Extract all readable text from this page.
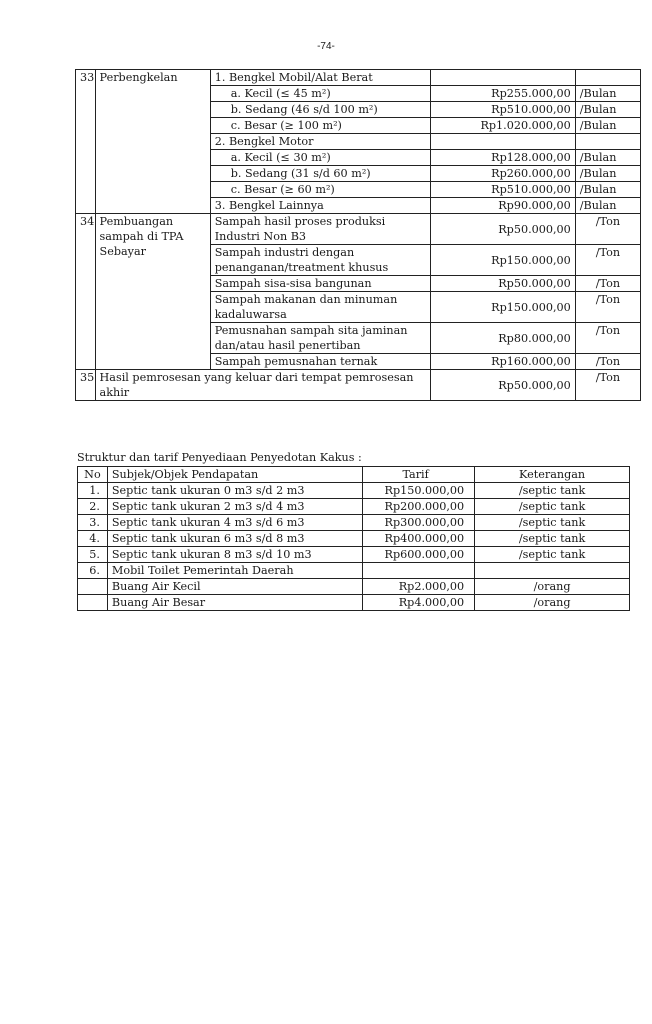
-74-
33	Perbengkelan	1. Bengkel Mobil/Alat Berat		
		a. Kecil (≤ 45 m²)	Rp255.000,00	/Bulan
		b. Sedang (46 s/d 100 m²)	Rp510.000,00	/Bulan
		c. Besar (≥ 100 m²)	Rp1.020.000,00	/Bulan
		2. Bengkel Motor		
		a. Kecil (≤ 30 m²)	Rp128.000,00	/Bulan
		b. Sedang (31 s/d 60 m²)	Rp260.000,00	/Bulan
		c. Besar (≥ 60 m²)	Rp510.000,00	/Bulan
		3. Bengkel Lainnya	Rp90.000,00	/Bulan
34	Pembuangan sampah di TPA Sebayar	Sampah hasil proses produksi Industri Non B3	Rp50.000,00	/Ton
		Sampah industri dengan penanganan/treatment khusus	Rp150.000,00	/Ton
		Sampah sisa-sisa bangunan	Rp50.000,00	/Ton
		Sampah makanan dan minuman kadaluwarsa	Rp150.000,00	/Ton
		Pemusnahan sampah sita jaminan dan/atau hasil penertiban	Rp80.000,00	/Ton
		Sampah pemusnahan ternak	Rp160.000,00	/Ton
35	Hasil pemrosesan yang keluar dari tempat pemrosesan akhir		Rp50.000,00	/Ton
Struktur dan tarif Penyediaan Penyedotan Kakus :
No	Subjek/Objek Pendapatan	Tarif	Keterangan
1.	Septic tank ukuran 0 m3 s/d 2 m3	Rp150.000,00	/septic tank
2.	Septic tank ukuran 2 m3 s/d 4 m3	Rp200.000,00	/septic tank
3.	Septic tank ukuran 4 m3 s/d 6 m3	Rp300.000,00	/septic tank
4.	Septic tank ukuran 6 m3 s/d 8 m3	Rp400.000,00	/septic tank
5.	Septic tank ukuran 8 m3 s/d 10 m3	Rp600.000,00	/septic tank
6.	Mobil Toilet Pemerintah Daerah		
	Buang Air Kecil	Rp2.000,00	/orang
	Buang Air Besar	Rp4.000,00	/orang
